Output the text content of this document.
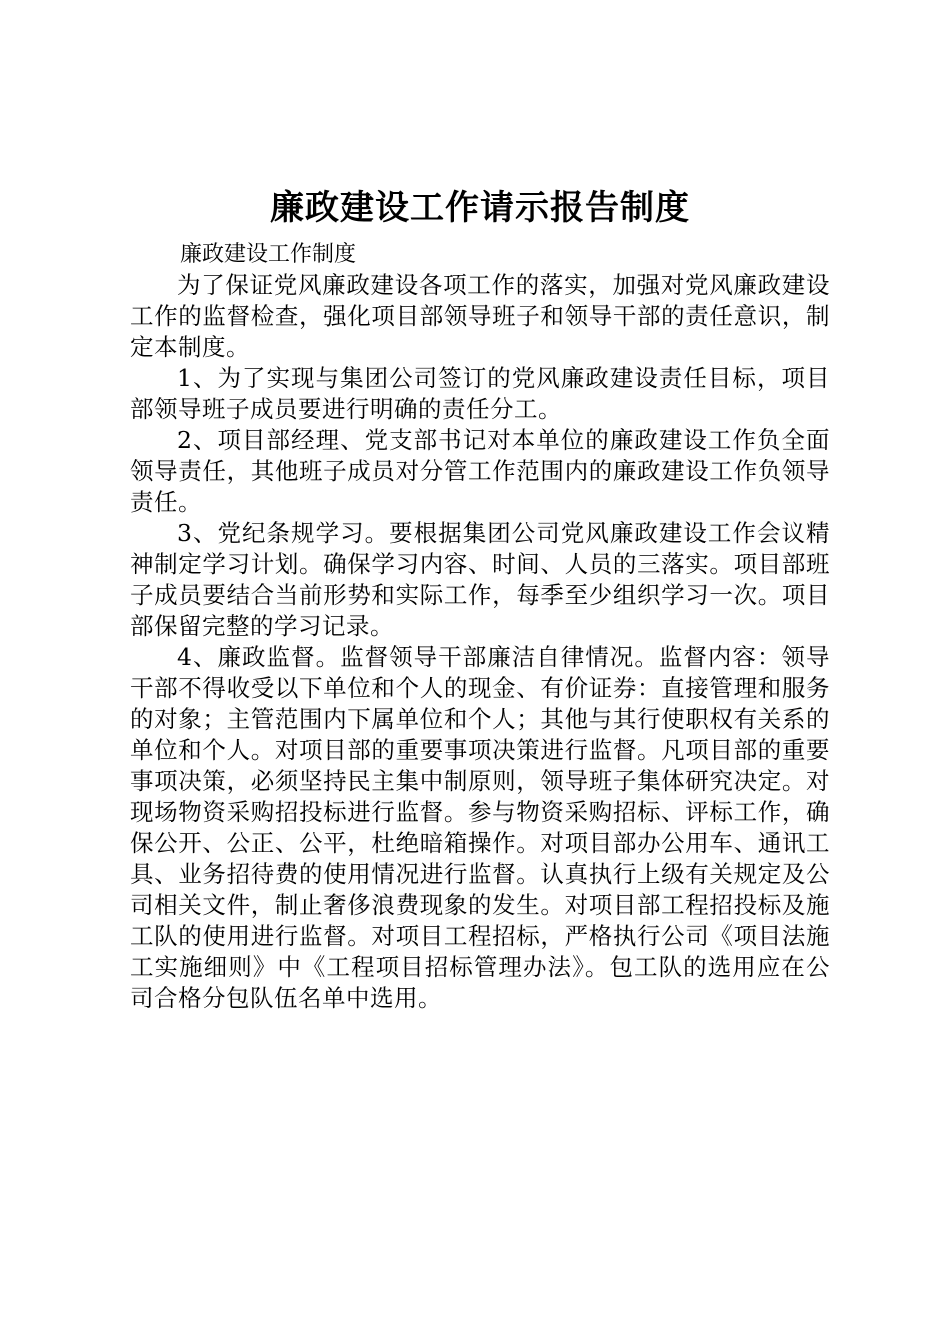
廉政建设工作请示报告制度

廉政建设工作制度

为了保证党风廉政建设各项工作的落实，加强对党风廉政建设工作的监督检查，强化项目部领导班子和领导干部的责任意识，制定本制度。

1、为了实现与集团公司签订的党风廉政建设责任目标，项目部领导班子成员要进行明确的责任分工。

2、项目部经理、党支部书记对本单位的廉政建设工作负全面领导责任，其他班子成员对分管工作范围内的廉政建设工作负领导责任。

3、党纪条规学习。要根据集团公司党风廉政建设工作会议精神制定学习计划。确保学习内容、时间、人员的三落实。项目部班子成员要结合当前形势和实际工作，每季至少组织学习一次。项目部保留完整的学习记录。

4、廉政监督。监督领导干部廉洁自律情况。监督内容：领导干部不得收受以下单位和个人的现金、有价证券：直接管理和服务的对象；主管范围内下属单位和个人；其他与其行使职权有关系的单位和个人。对项目部的重要事项决策进行监督。凡项目部的重要事项决策，必须坚持民主集中制原则，领导班子集体研究决定。对现场物资采购招投标进行监督。参与物资采购招标、评标工作，确保公开、公正、公平，杜绝暗箱操作。对项目部办公用车、通讯工具、业务招待费的使用情况进行监督。认真执行上级有关规定及公司相关文件，制止奢侈浪费现象的发生。对项目部工程招投标及施工队的使用进行监督。对项目工程招标，严格执行公司《项目法施工实施细则》中《工程项目招标管理办法》。包工队的选用应在公司合格分包队伍名单中选用。
